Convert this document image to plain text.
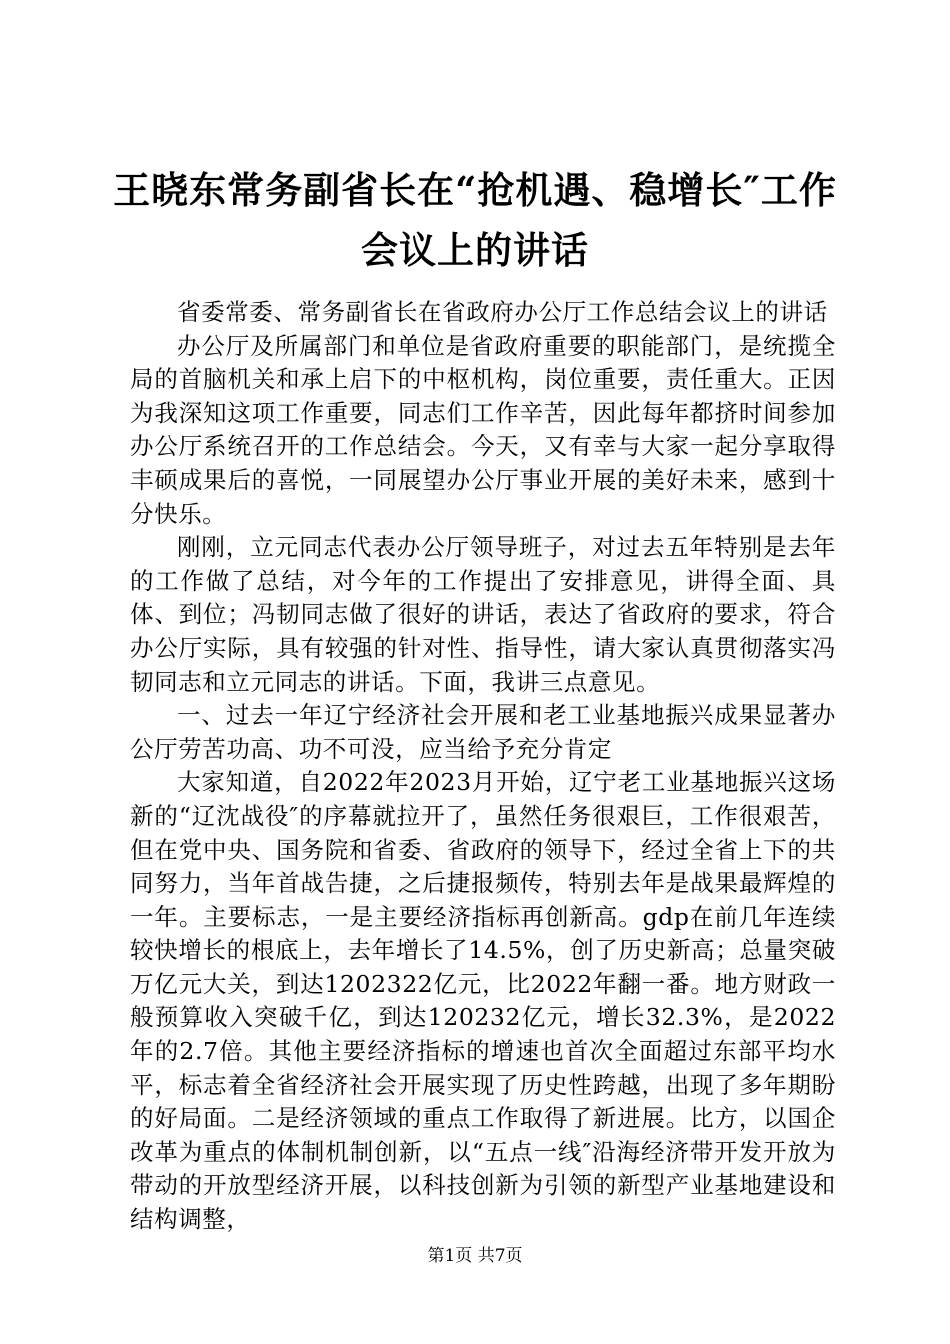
王晓东常务副省长在“抢机遇、稳增长″工作
会议上的讲话

省委常委、常务副省长在省政府办公厅工作总结会议上的讲话

办公厅及所属部门和单位是省政府重要的职能部门，是统揽全局的首脑机关和承上启下的中枢机构，岗位重要，责任重大。正因为我深知这项工作重要，同志们工作辛苦，因此每年都挤时间参加办公厅系统召开的工作总结会。今天，又有幸与大家一起分享取得丰硕成果后的喜悦，一同展望办公厅事业开展的美好未来，感到十分快乐。

刚刚，立元同志代表办公厅领导班子，对过去五年特别是去年的工作做了总结，对今年的工作提出了安排意见，讲得全面、具体、到位；冯韧同志做了很好的讲话，表达了省政府的要求，符合办公厅实际，具有较强的针对性、指导性，请大家认真贯彻落实冯韧同志和立元同志的讲话。下面，我讲三点意见。

一、过去一年辽宁经济社会开展和老工业基地振兴成果显著办公厅劳苦功高、功不可没，应当给予充分肯定

大家知道，自2022年2023月开始，辽宁老工业基地振兴这场新的“辽沈战役″的序幕就拉开了，虽然任务很艰巨，工作很艰苦，但在党中央、国务院和省委、省政府的领导下，经过全省上下的共同努力，当年首战告捷，之后捷报频传，特别去年是战果最辉煌的一年。主要标志，一是主要经济指标再创新高。gdp在前几年连续较快增长的根底上，去年增长了14.5%，创了历史新高；总量突破万亿元大关，到达1202322亿元，比2022年翻一番。地方财政一般预算收入突破千亿，到达120232亿元，增长32.3%，是2022年的2.7倍。其他主要经济指标的增速也首次全面超过东部平均水平，标志着全省经济社会开展实现了历史性跨越，出现了多年期盼的好局面。二是经济领域的重点工作取得了新进展。比方，以国企改革为重点的体制机制创新，以“五点一线″沿海经济带开发开放为带动的开放型经济开展，以科技创新为引领的新型产业基地建设和结构调整，

第1页 共7页
